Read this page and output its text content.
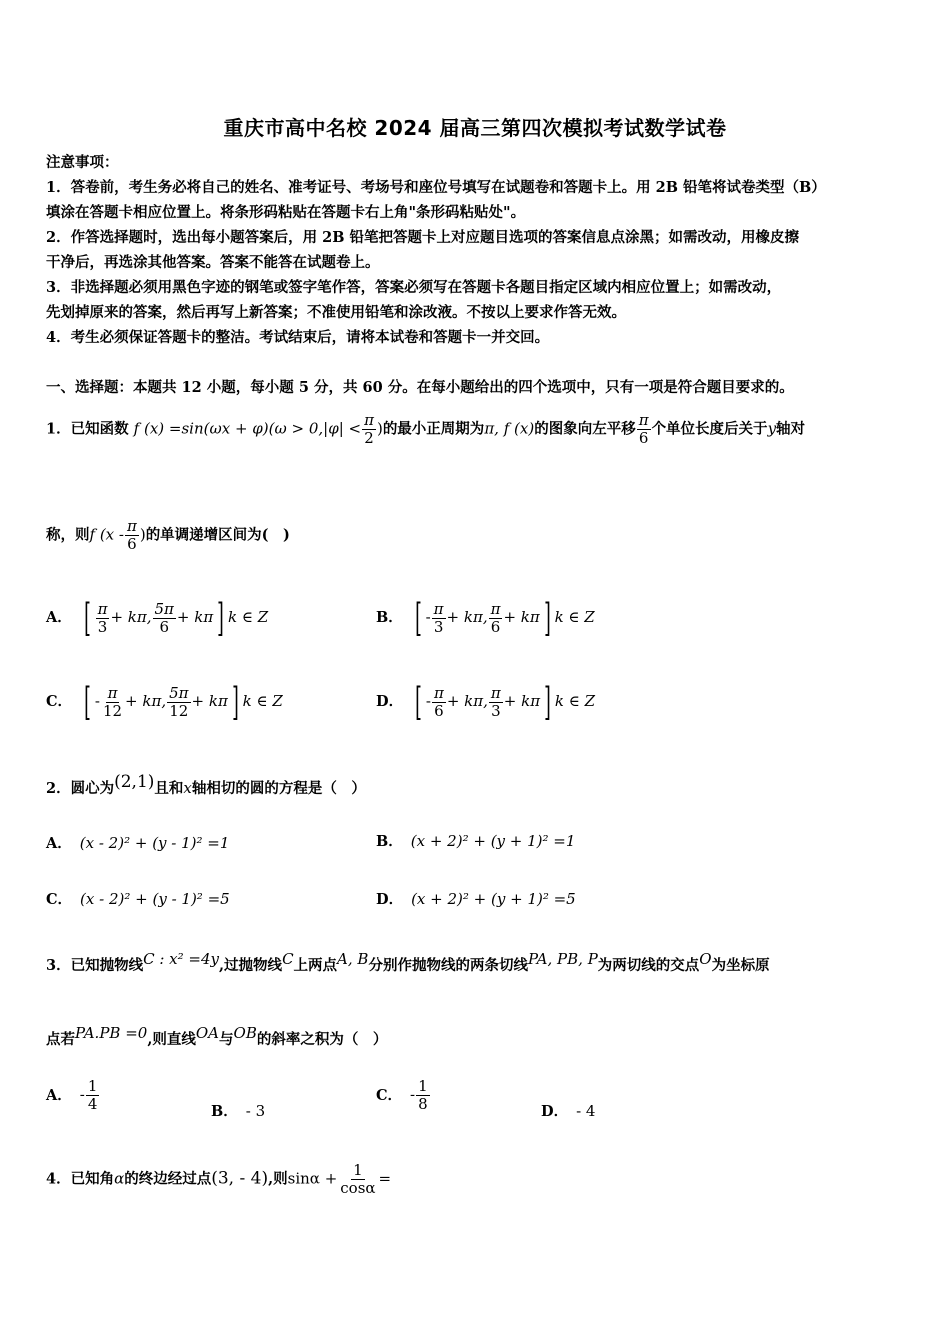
重庆市高中名校 2024 届高三第四次模拟考试数学试卷

注意事项：

1．答卷前，考生务必将自己的姓名、准考证号、考场号和座位号填写在试题卷和答题卡上。用 2B 铅笔将试卷类型（B）

填涂在答题卡相应位置上。将条形码粘贴在答题卡右上角"条形码粘贴处"。

2．作答选择题时，选出每小题答案后，用 2B 铅笔把答题卡上对应题目选项的答案信息点涂黑；如需改动，用橡皮擦

干净后，再选涂其他答案。答案不能答在试题卷上。

3．非选择题必须用黑色字迹的钢笔或签字笔作答，答案必须写在答题卡各题目指定区域内相应位置上；如需改动，

先划掉原来的答案，然后再写上新答案；不准使用铅笔和涂改液。不按以上要求作答无效。

4．考生必须保证答题卡的整洁。考试结束后，请将本试卷和答题卡一并交回。

一、选择题：本题共 12 小题，每小题 5 分，共 60 分。在每小题给出的四个选项中，只有一项是符合题目要求的。
1．已知函数 f $(x) =\sin(\omega x + \varphi)(\omega > 0,|\varphi| < \frac{\pi}{2}$ )的最小正周期为π, f (x)的图象向左平移 $\frac{\pi}{6}$ 个单位长度后关于y轴对
称，则f ($x - \frac{\pi}{6}$ )的单调递增区间为(　)
A． [ $\frac{\pi}{3} + k\pi$, $\frac{5\pi}{6} + k\pi$ ] k ∈ Z	B． [ - $\frac{\pi}{3} + k\pi$, $\frac{\pi}{6} + k\pi$ ] k ∈ Z
C． [ - $\frac{\pi}{12} + k\pi$, $\frac{5\pi}{12} + k\pi$ ] k ∈ Z	D． [ - $\frac{\pi}{6} + k\pi$, $\frac{\pi}{3} + k\pi$ ] k ∈ Z
2．圆心为(2,1)且和x轴相切的圆的方程是（　）
A． (x - 2)² + (y - 1)² =1	B． (x + 2)² + (y + 1)² =1
C． (x - 2)² + (y - 1)² =5	D． (x + 2)² + (y + 1)² =5
3．已知抛物线C : x² =4y,过抛物线C上两点A, B分别作抛物线的两条切线PA, PB, P为两切线的交点O为坐标原
点若PA.PB =0,则直线OA与OB的斜率之积为（　）
A． - $\frac{1}{4}$	B． - 3
C． - $\frac{1}{8}$	D． - 4
4．已知角α的终边经过点(3, - 4),则$\sin\alpha + \frac{1}{\cos\alpha}$ =
